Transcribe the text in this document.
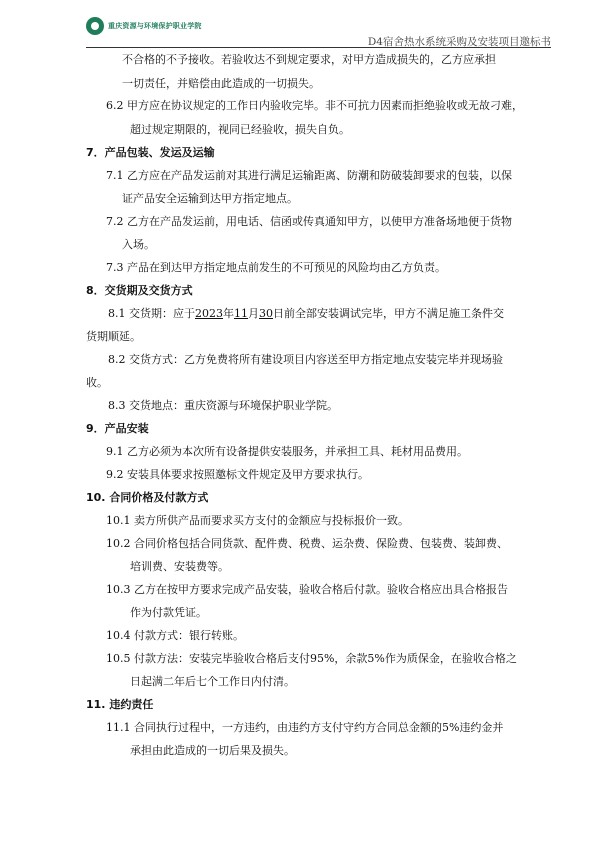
重庆资源与环境保护职业学院
D4宿舍热水系统采购及安装项目邀标书
不合格的不予接收。若验收达不到规定要求，对甲方造成损失的，乙方应承担
一切责任，并赔偿由此造成的一切损失。
6.2 甲方应在协议规定的工作日内验收完毕。非不可抗力因素而拒绝验收或无故刁难，
超过规定期限的，视同已经验收，损失自负。
7．产品包装、发运及运输
7.1 乙方应在产品发运前对其进行满足运输距离、防潮和防破装卸要求的包装，以保
证产品安全运输到达甲方指定地点。
7.2 乙方在产品发运前，用电话、信函或传真通知甲方，以使甲方准备场地便于货物
入场。
7.3 产品在到达甲方指定地点前发生的不可预见的风险均由乙方负责。
8．交货期及交货方式
8.1 交货期：应于2023年11月30日前全部安装调试完毕，甲方不满足施工条件交
货期顺延。
8.2 交货方式：乙方免费将所有建设项目内容送至甲方指定地点安装完毕并现场验
收。
8.3 交货地点：重庆资源与环境保护职业学院。
9．产品安装
9.1 乙方必须为本次所有设备提供安装服务，并承担工具、耗材用品费用。
9.2 安装具体要求按照邀标文件规定及甲方要求执行。
10. 合同价格及付款方式
10.1 卖方所供产品而要求买方支付的金额应与投标报价一致。
10.2 合同价格包括合同货款、配件费、税费、运杂费、保险费、包装费、装卸费、
培训费、安装费等。
10.3 乙方在按甲方要求完成产品安装，验收合格后付款。验收合格应出具合格报告
作为付款凭证。
10.4 付款方式：银行转账。
10.5 付款方法：安装完毕验收合格后支付95%，余款5%作为质保金，在验收合格之
日起满二年后七个工作日内付清。
11. 违约责任
11.1 合同执行过程中，一方违约，由违约方支付守约方合同总金额的5%违约金并
承担由此造成的一切后果及损失。
